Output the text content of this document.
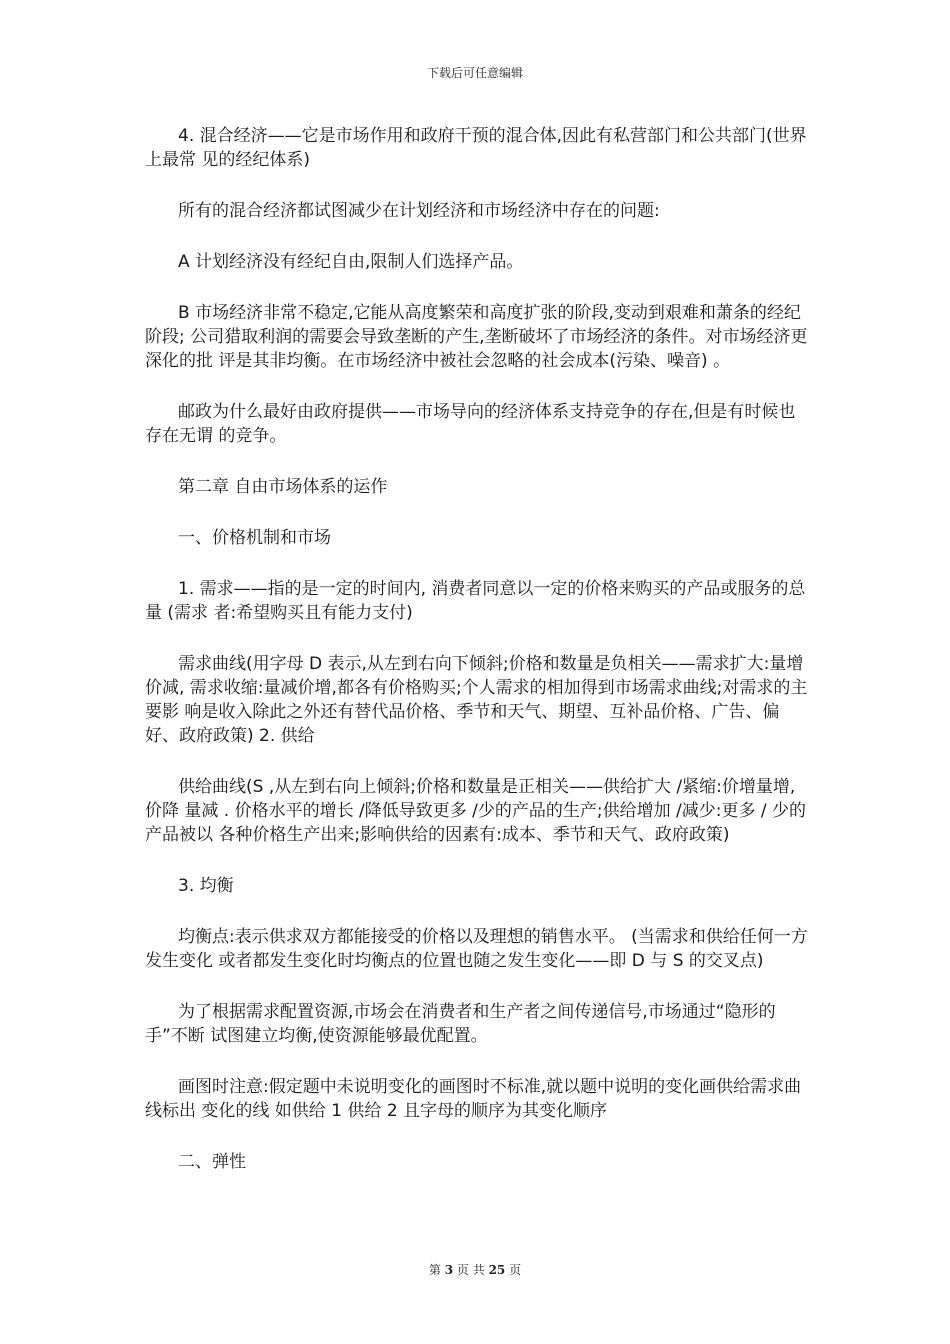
下载后可任意编辑

4. 混合经济——它是市场作用和政府干预的混合体,因此有私营部门和公共部门(世界上最常 见的经纪体系)

所有的混合经济都试图减少在计划经济和市场经济中存在的问题:

A 计划经济没有经纪自由,限制人们选择产品。

B 市场经济非常不稳定,它能从高度繁荣和高度扩张的阶段,变动到艰难和萧条的经纪阶段; 公司猎取利润的需要会导致垄断的产生,垄断破坏了市场经济的条件。对市场经济更深化的批 评是其非均衡。在市场经济中被社会忽略的社会成本(污染、噪音) 。

邮政为什么最好由政府提供——市场导向的经济体系支持竞争的存在,但是有时候也存在无谓 的竞争。

第二章 自由市场体系的运作

一、价格机制和市场

1. 需求——指的是一定的时间内, 消费者同意以一定的价格来购买的产品或服务的总量 (需求 者:希望购买且有能力支付)

需求曲线(用字母 D 表示,从左到右向下倾斜;价格和数量是负相关——需求扩大:量增价减, 需求收缩:量减价增,都各有价格购买;个人需求的相加得到市场需求曲线;对需求的主要影 响是收入除此之外还有替代品价格、季节和天气、期望、互补品价格、广告、偏好、政府政策) 2. 供给

供给曲线(S ,从左到右向上倾斜;价格和数量是正相关——供给扩大 /紧缩:价增量增,价降 量减 . 价格水平的增长 /降低导致更多 /少的产品的生产;供给增加 /减少:更多 / 少的产品被以 各种价格生产出来;影响供给的因素有:成本、季节和天气、政府政策)

3. 均衡

均衡点:表示供求双方都能接受的价格以及理想的销售水平。 (当需求和供给任何一方发生变化 或者都发生变化时均衡点的位置也随之发生变化——即 D 与 S 的交叉点)

为了根据需求配置资源,市场会在消费者和生产者之间传递信号,市场通过“隐形的手”不断 试图建立均衡,使资源能够最优配置。

画图时注意:假定题中未说明变化的画图时不标准,就以题中说明的变化画供给需求曲线标出 变化的线 如供给 1 供给 2 且字母的顺序为其变化顺序

二、弹性

第 3 页 共 25 页
